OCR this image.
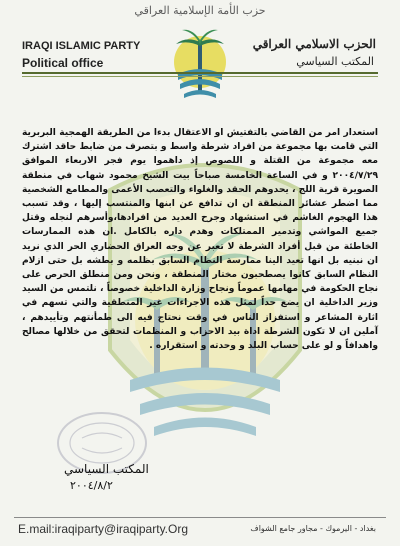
حزب الأمة الإسلامية العراقي
IRAQI ISLAMIC PARTY
Political office
الحزب الاسلامي العراقي
المكتب السياسي
استعدار امر من القاضي بالتفتيش او الاعتقال بدءا من الطريقة الهمجية البربرية التي قامت بها مجموعة من افراد شرطة واسط و بتصرف من ضابط حاقد اشترك معه مجموعة من القتلة و اللصوص إذ داهموا يوم فجر الاربعاء الموافق ٢٠٠٤/٧/٢٩ و في الساعة الخامسة صباحاً بيت الشيخ محمود شهاب في منطقة الصويرة قرية اللج ، يحدوهم الحقد والغلواء والتعصب الأعمى والمطامع الشخصية مما اضطر عشائر المنطقة ان ان تدافع عن ابنها والمنتسب إليها ، وقد تسبب هذا الهجوم الغاشم في استشهاد وجرح العديد من افرادها،وأسرهم لنجله وقتل جميع المواشي وتدمير الممتلكات وهدم داره بالكامل .ان هذه الممارسات الخاطئة من قبل أفراد الشرطة لا تعبر عن وجه العراق الحضاري الحر الذي نريد ان نبنيه بل انها تعيد الينا ممارسة النظام السابق بظلمه و بطشه بل حتى ازلام النظام السابق كانوا يصطحبون مختار المنطقة ، ونحن ومن منطلق الحرص على نجاح الحكومة في مهامها عموماً ونجاح وزارة الداخلية خصوصاً ، نلتمس من السيد وزير الداخلية ان يضع حداً لمثل هذه الاجراءات غير المنطقية والتي تسهم في اثارة المشاعر و استفزاز الناس في وقت نحتاج فيه الى طمأنتهم وتأييدهم ، آملين ان لا تكون الشرطة اداة بيد الاحزاب و المنظمات لتحقق من خلالها مصالح واهدافاً و لو على حساب البلد و وحدته و استقراره .
المكتب السياسي
٢٠٠٤/٨/٢
E.mail:iraqiparty@iraqiparty.Org	بغداد - اليرموك - مجاور جامع الشواف
